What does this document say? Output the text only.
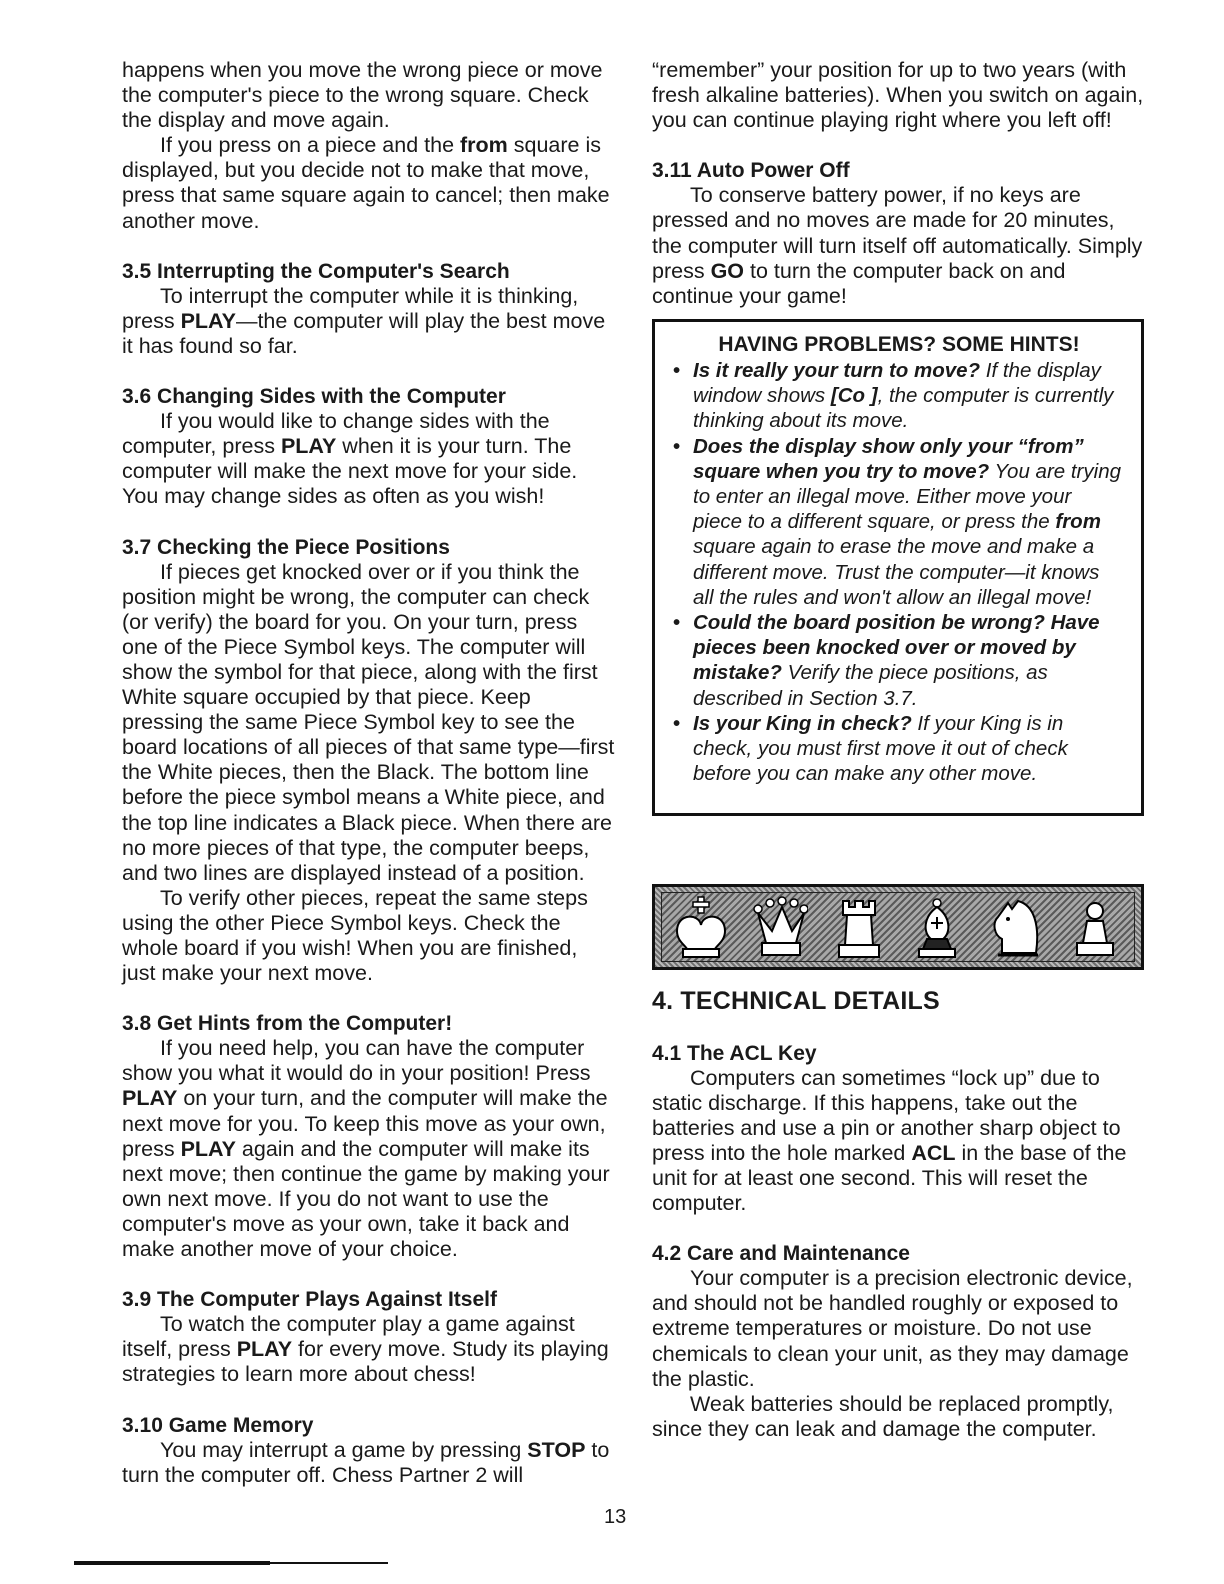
happens when you move the wrong piece or move the computer's piece to the wrong square. Check the display and move again.

If you press on a piece and the from square is displayed, but you decide not to make that move, press that same square again to cancel; then make another move.

3.5 Interrupting the Computer's Search

To interrupt the computer while it is thinking, press PLAY—the computer will play the best move it has found so far.

3.6 Changing Sides with the Computer

If you would like to change sides with the computer, press PLAY when it is your turn. The computer will make the next move for your side. You may change sides as often as you wish!

3.7 Checking the Piece Positions

If pieces get knocked over or if you think the position might be wrong, the computer can check (or verify) the board for you. On your turn, press one of the Piece Symbol keys. The computer will show the symbol for that piece, along with the first White square occupied by that piece. Keep pressing the same Piece Symbol key to see the board locations of all pieces of that same type—first the White pieces, then the Black. The bottom line before the piece symbol means a White piece, and the top line indicates a Black piece. When there are no more pieces of that type, the computer beeps, and two lines are displayed instead of a position.

To verify other pieces, repeat the same steps using the other Piece Symbol keys. Check the whole board if you wish! When you are finished, just make your next move.

3.8 Get Hints from the Computer!

If you need help, you can have the computer show you what it would do in your position! Press PLAY on your turn, and the computer will make the next move for you. To keep this move as your own, press PLAY again and the computer will make its next move; then continue the game by making your own next move. If you do not want to use the computer's move as your own, take it back and make another move of your choice.

3.9 The Computer Plays Against Itself

To watch the computer play a game against itself, press PLAY for every move. Study its playing strategies to learn more about chess!

3.10 Game Memory

You may interrupt a game by pressing STOP to turn the computer off. Chess Partner 2 will

“remember” your position for up to two years (with fresh alkaline batteries). When you switch on again, you can continue playing right where you left off!

3.11 Auto Power Off

To conserve battery power, if no keys are pressed and no moves are made for 20 minutes, the computer will turn itself off automatically. Simply press GO to turn the computer back on and continue your game!

HAVING PROBLEMS? SOME HINTS!
• Is it really your turn to move? If the display window shows [Co ], the computer is currently thinking about its move.
• Does the display show only your “from” square when you try to move? You are trying to enter an illegal move. Either move your piece to a different square, or press the from square again to erase the move and make a different move. Trust the computer—it knows all the rules and won't allow an illegal move!
• Could the board position be wrong? Have pieces been knocked over or moved by mistake? Verify the piece positions, as described in Section 3.7.
• Is your King in check? If your King is in check, you must first move it out of check before you can make any other move.
4. TECHNICAL DETAILS
4.1 The ACL Key

Computers can sometimes “lock up” due to static discharge. If this happens, take out the batteries and use a pin or another sharp object to press into the hole marked ACL in the base of the unit for at least one second. This will reset the computer.

4.2 Care and Maintenance

Your computer is a precision electronic device, and should not be handled roughly or exposed to extreme temperatures or moisture. Do not use chemicals to clean your unit, as they may damage the plastic.

Weak batteries should be replaced promptly, since they can leak and damage the computer.

13
